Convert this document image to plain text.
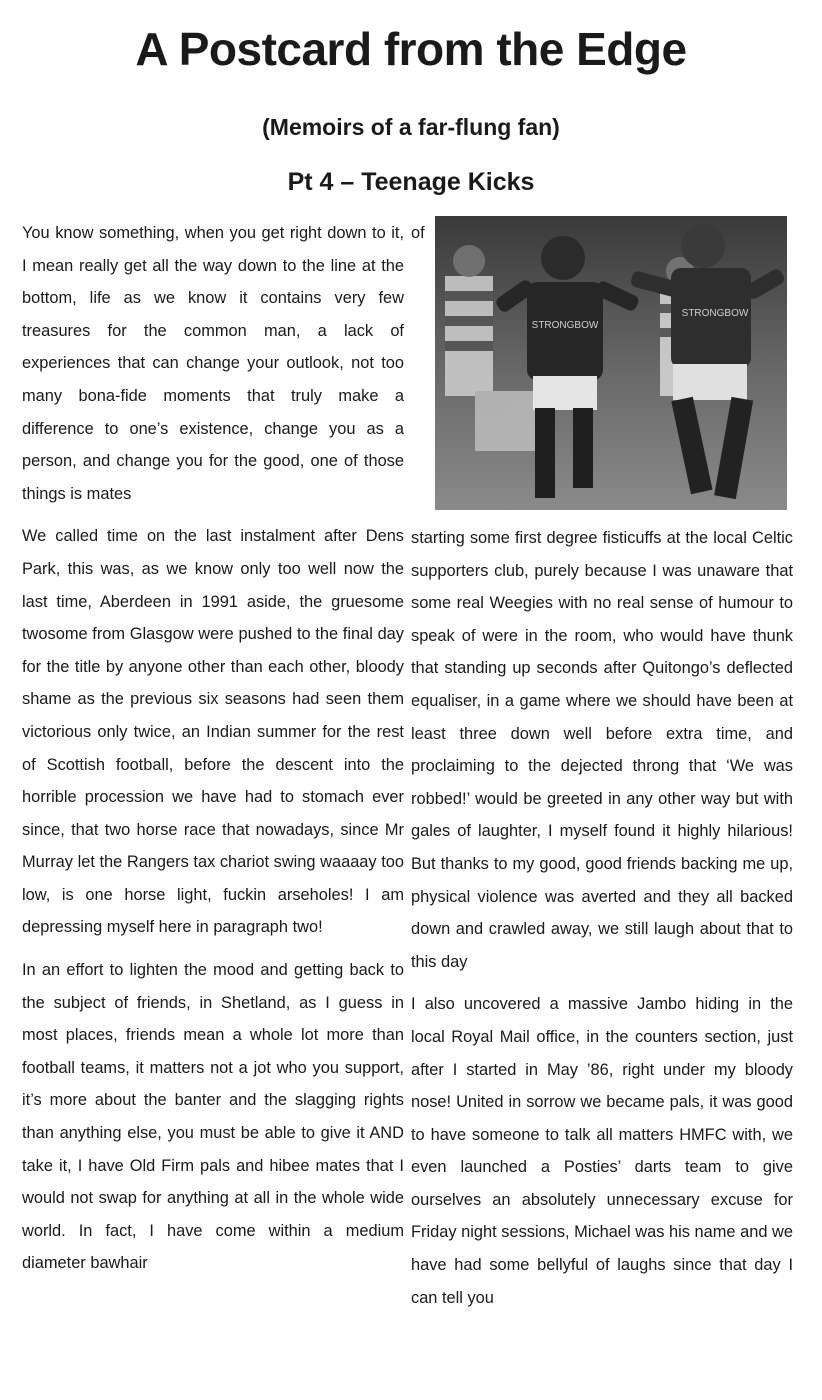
A Postcard from the Edge
(Memoirs of a far-flung fan)
Pt 4 – Teenage Kicks

You know something, when you get right down to it, I mean really get all the way down to the line at the bottom, life as we know it contains very few treasures for the common man, a lack of experiences that can change your outlook, not too many bona-fide moments that truly make a difference to one’s existence, change you as a person, and change you for the good, one of those things is mates

We called time on the last instalment after Dens Park, this was, as we know only too well now the last time, Aberdeen in 1991 aside, the gruesome twosome from Glasgow were pushed to the final day for the title by anyone other than each other, bloody shame as the previous six seasons had seen them victorious only twice, an Indian summer for the rest of Scottish football, before the descent into the horrible procession we have had to stomach ever since, that two horse race that nowadays, since Mr Murray let the Rangers tax chariot swing waaaay too low, is one horse light, fuckin arseholes! I am depressing myself here in paragraph two!

In an effort to lighten the mood and getting back to the subject of friends, in Shetland, as I guess in most places, friends mean a whole lot more than football teams, it matters not a jot who you support, it’s more about the banter and the slagging rights than anything else, you must be able to give it AND take it, I have Old Firm pals and hibee mates that I would not swap for anything at all in the whole wide world. In fact, I have come within a medium diameter bawhair

of
STRONGBOW
STRONGBOW

starting some first degree fisticuffs at the local Celtic supporters club, purely because I was unaware that some real Weegies with no real sense of humour to speak of were in the room, who would have thunk that standing up seconds after Quitongo’s deflected equaliser, in a game where we should have been at least three down well before extra time, and proclaiming to the dejected throng that ‘We was robbed!’ would be greeted in any other way but with gales of laughter, I myself found it highly hilarious! But thanks to my good, good friends backing me up, physical violence was averted and they all backed down and crawled away, we still laugh about that to this day

I also uncovered a massive Jambo hiding in the local Royal Mail office, in the counters section, just after I started in May ’86, right under my bloody nose! United in sorrow we became pals, it was good to have someone to talk all matters HMFC with, we even launched a Posties’ darts team to give ourselves an absolutely unnecessary excuse for Friday night sessions, Michael was his name and we have had some bellyful of laughs since that day I can tell you
